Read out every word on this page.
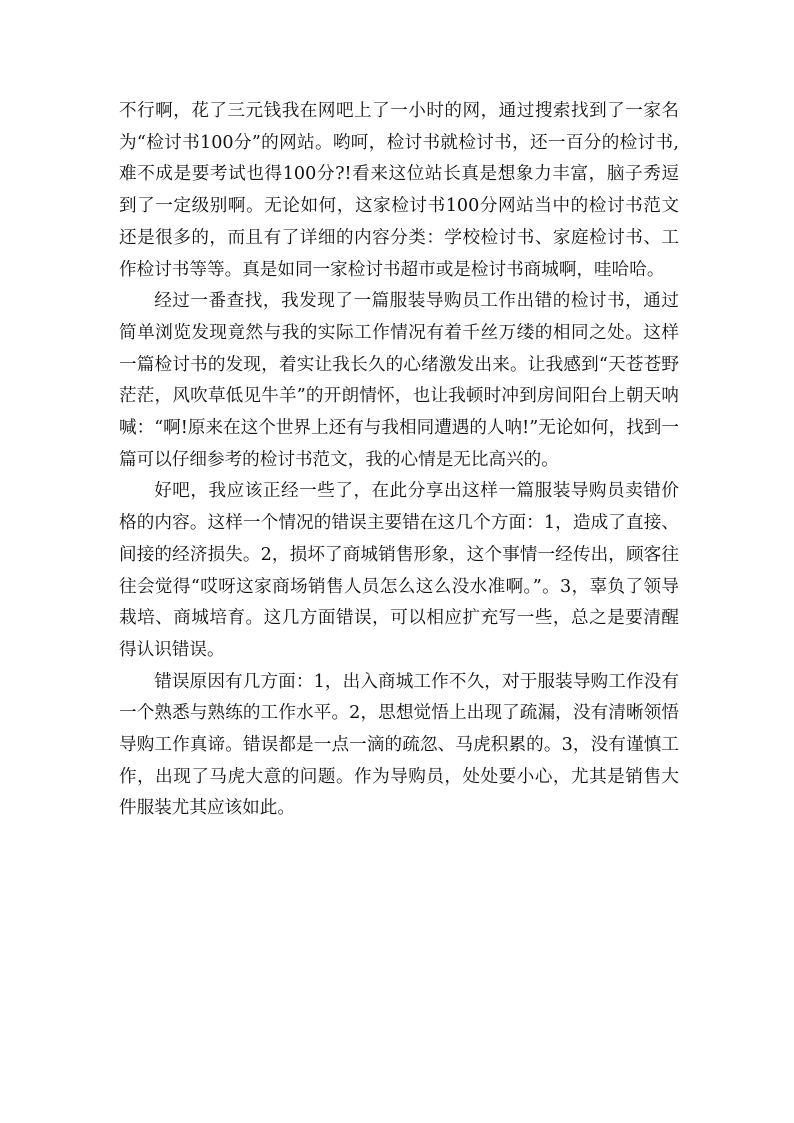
不行啊，花了三元钱我在网吧上了一小时的网，通过搜索找到了一家名为“检讨书100分”的网站。哟呵，检讨书就检讨书，还一百分的检讨书,难不成是要考试也得100分?!看来这位站长真是想象力丰富，脑子秀逗到了一定级别啊。无论如何，这家检讨书100分网站当中的检讨书范文还是很多的，而且有了详细的内容分类：学校检讨书、家庭检讨书、工作检讨书等等。真是如同一家检讨书超市或是检讨书商城啊，哇哈哈。

经过一番查找，我发现了一篇服装导购员工作出错的检讨书，通过简单浏览发现竟然与我的实际工作情况有着千丝万缕的相同之处。这样一篇检讨书的发现，着实让我长久的心绪激发出来。让我感到“天苍苍野茫茫，风吹草低见牛羊”的开朗情怀，也让我顿时冲到房间阳台上朝天呐喊：“啊!原来在这个世界上还有与我相同遭遇的人呐!”无论如何，找到一篇可以仔细参考的检讨书范文，我的心情是无比高兴的。

好吧，我应该正经一些了，在此分享出这样一篇服装导购员卖错价格的内容。这样一个情况的错误主要错在这几个方面：1，造成了直接、间接的经济损失。2，损坏了商城销售形象，这个事情一经传出，顾客往往会觉得“哎呀这家商场销售人员怎么这么没水准啊。”。3，辜负了领导栽培、商城培育。这几方面错误，可以相应扩充写一些，总之是要清醒得认识错误。

错误原因有几方面：1，出入商城工作不久，对于服装导购工作没有一个熟悉与熟练的工作水平。2，思想觉悟上出现了疏漏，没有清晰领悟导购工作真谛。错误都是一点一滴的疏忽、马虎积累的。3，没有谨慎工作，出现了马虎大意的问题。作为导购员，处处要小心，尤其是销售大件服装尤其应该如此。
